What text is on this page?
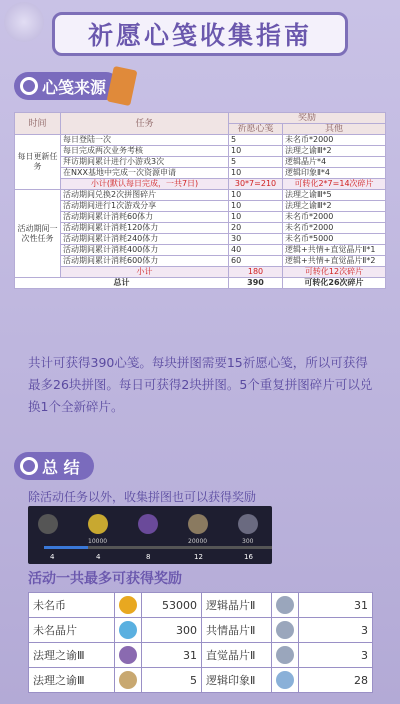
祈愿心笺收集指南
心笺来源
时间	任务	奖励	
		祈愿心笺	其他
每日更新任务	每日登陆一次	5	未名币*2000
	每日完成两次业务考核	10	法理之谕Ⅲ*2
	拜访期间累计进行小游戏3次	5	逻辑晶片*4
	在NXX基地中完成一次资源申请	10	逻辑印象Ⅱ*4
	小计(默认每日完成，一共7日)	30*7=210	可转化2*7=14次碎片
活动期间一次性任务	活动期间兑换2次拼图碎片	10	法理之谕Ⅲ*5
	活动期间进行1次游戏分享	10	法理之谕Ⅲ*2
	活动期间累计消耗60体力	10	未名币*2000
	活动期间累计消耗120体力	20	未名币*2000
	活动期间累计消耗240体力	30	未名币*5000
	活动期间累计消耗400体力	40	逻辑+共情+直觉晶片Ⅱ*1
	活动期间累计消耗600体力	60	逻辑+共情+直觉晶片Ⅱ*2
	小计	180	可转化12次碎片
总计		390	可转化26次碎片
共计可获得390心笺。每块拼图需要15祈愿心笺，所以可获得最多26块拼图。每日可获得2块拼图。5个重复拼图碎片可以兑换1个全新碎片。
总 结
除活动任务以外，收集拼图也可以获得奖励
10000	20000	300
4	4	8	12	16
活动一共最多可获得奖励
未名币		53000	逻辑晶片Ⅱ		31
未名晶片		300	共情晶片Ⅱ		3
法理之谕Ⅲ		31	直觉晶片Ⅱ		3
法理之谕Ⅲ		5	逻辑印象Ⅱ		28
